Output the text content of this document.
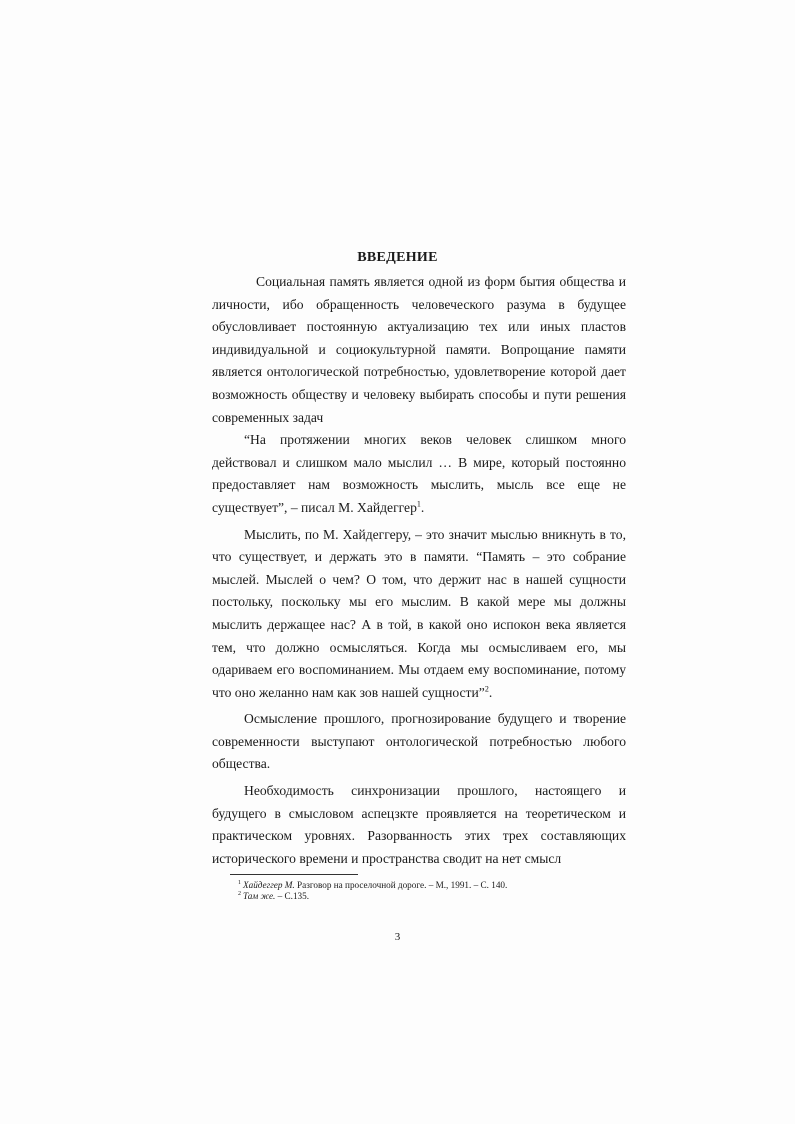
ВВЕДЕНИЕ

Социальная память является одной из форм бытия общества и личности, ибо обращенность человеческого разума в будущее обусловливает постоянную актуализацию тех или иных пластов индивидуальной и социокультурной памяти. Вопрощание памяти является онтологической потребностью, удовлетворение которой дает возможность обществу и человеку выбирать способы и пути решения современных задач

“На протяжении многих веков человек слишком много действовал и слишком мало мыслил … В мире, который постоянно предоставляет нам возможность мыслить, мысль все еще не существует”, – писал М. Хайдеггер$^1$.

Мыслить, по М. Хайдеггеру, – это значит мыслью вникнуть в то, что существует, и держать это в памяти. “Память – это собрание мыслей. Мыслей о чем? О том, что держит нас в нашей сущности постольку, поскольку мы его мыслим. В какой мере мы должны мыслить держащее нас? А в той, в какой оно испокон века является тем, что должно осмысляться. Когда мы осмысливаем его, мы одариваем его воспоминанием. Мы отдаем ему воспоминание, потому что оно желанно нам как зов нашей сущности”$^2$.

Осмысление прошлого, прогнозирование будущего и творение современности выступают онтологической потребностью любого общества.

Необходимость синхронизации прошлого, настоящего и будущего в смысловом аспецзкте проявляется на теоретическом и практическом уровнях. Разорванность этих трех составляющих исторического времени и пространства сводит на нет смысл

$^1$ Хайдеггер М. Разговор на проселочной дороге. – М., 1991. – С. 140.
$^2$ Там же. – С.135.
3
